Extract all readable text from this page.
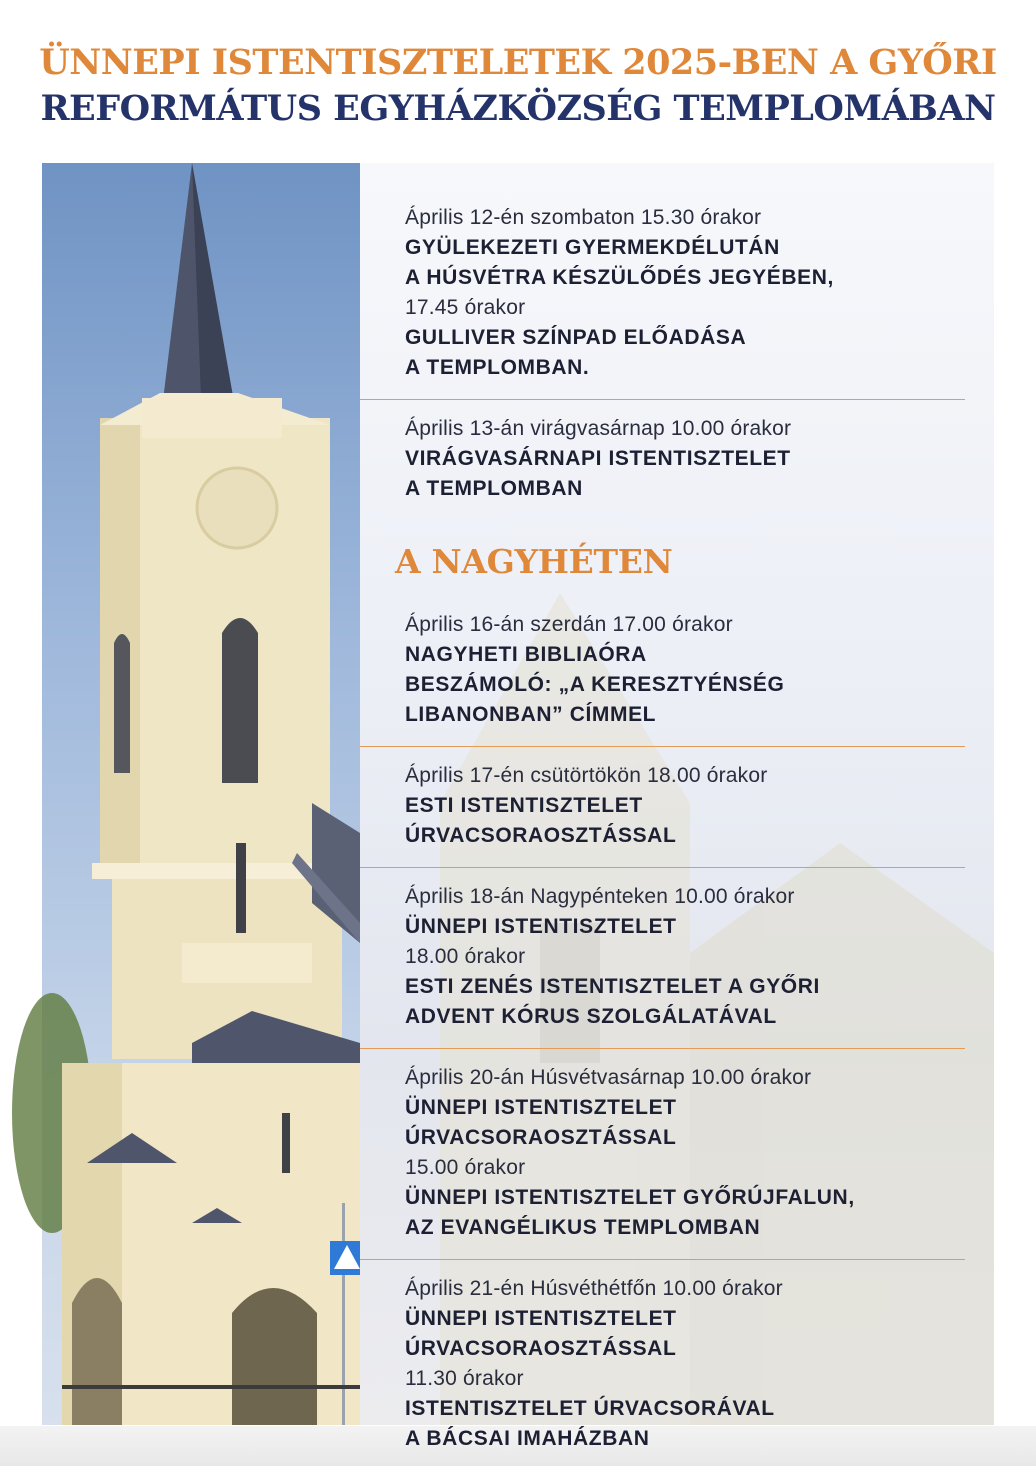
ÜNNEPI ISTENTISZTELETEK 2025-BEN A GYŐRI
REFORMÁTUS EGYHÁZKÖZSÉG TEMPLOMÁBAN
Április 12-én szombaton 15.30 órakor
GYÜLEKEZETI GYERMEKDÉLUTÁN
A HÚSVÉTRA KÉSZÜLŐDÉS JEGYÉBEN,
17.45 órakor
GULLIVER SZÍNPAD ELŐADÁSA
A TEMPLOMBAN.
Április 13-án virágvasárnap 10.00 órakor
VIRÁGVASÁRNAPI ISTENTISZTELET
A TEMPLOMBAN
A NAGYHÉTEN
Április 16-án szerdán 17.00 órakor
NAGYHETI BIBLIAÓRA
BESZÁMOLÓ: „A KERESZTYÉNSÉG
LIBANONBAN” CÍMMEL
Április 17-én csütörtökön 18.00 órakor
ESTI ISTENTISZTELET
ÚRVACSORAOSZTÁSSAL
Április 18-án Nagypénteken 10.00 órakor
ÜNNEPI ISTENTISZTELET
18.00 órakor
ESTI ZENÉS ISTENTISZTELET A GYŐRI
ADVENT KÓRUS SZOLGÁLATÁVAL
Április 20-án Húsvétvasárnap 10.00 órakor
ÜNNEPI ISTENTISZTELET
ÚRVACSORAOSZTÁSSAL
15.00 órakor
ÜNNEPI ISTENTISZTELET GYŐRÚJFALUN,
AZ EVANGÉLIKUS TEMPLOMBAN
Április 21-én Húsvéthétfőn 10.00 órakor
ÜNNEPI ISTENTISZTELET
ÚRVACSORAOSZTÁSSAL
11.30 órakor
ISTENTISZTELET ÚRVACSORÁVAL
A BÁCSAI IMAHÁZBAN
